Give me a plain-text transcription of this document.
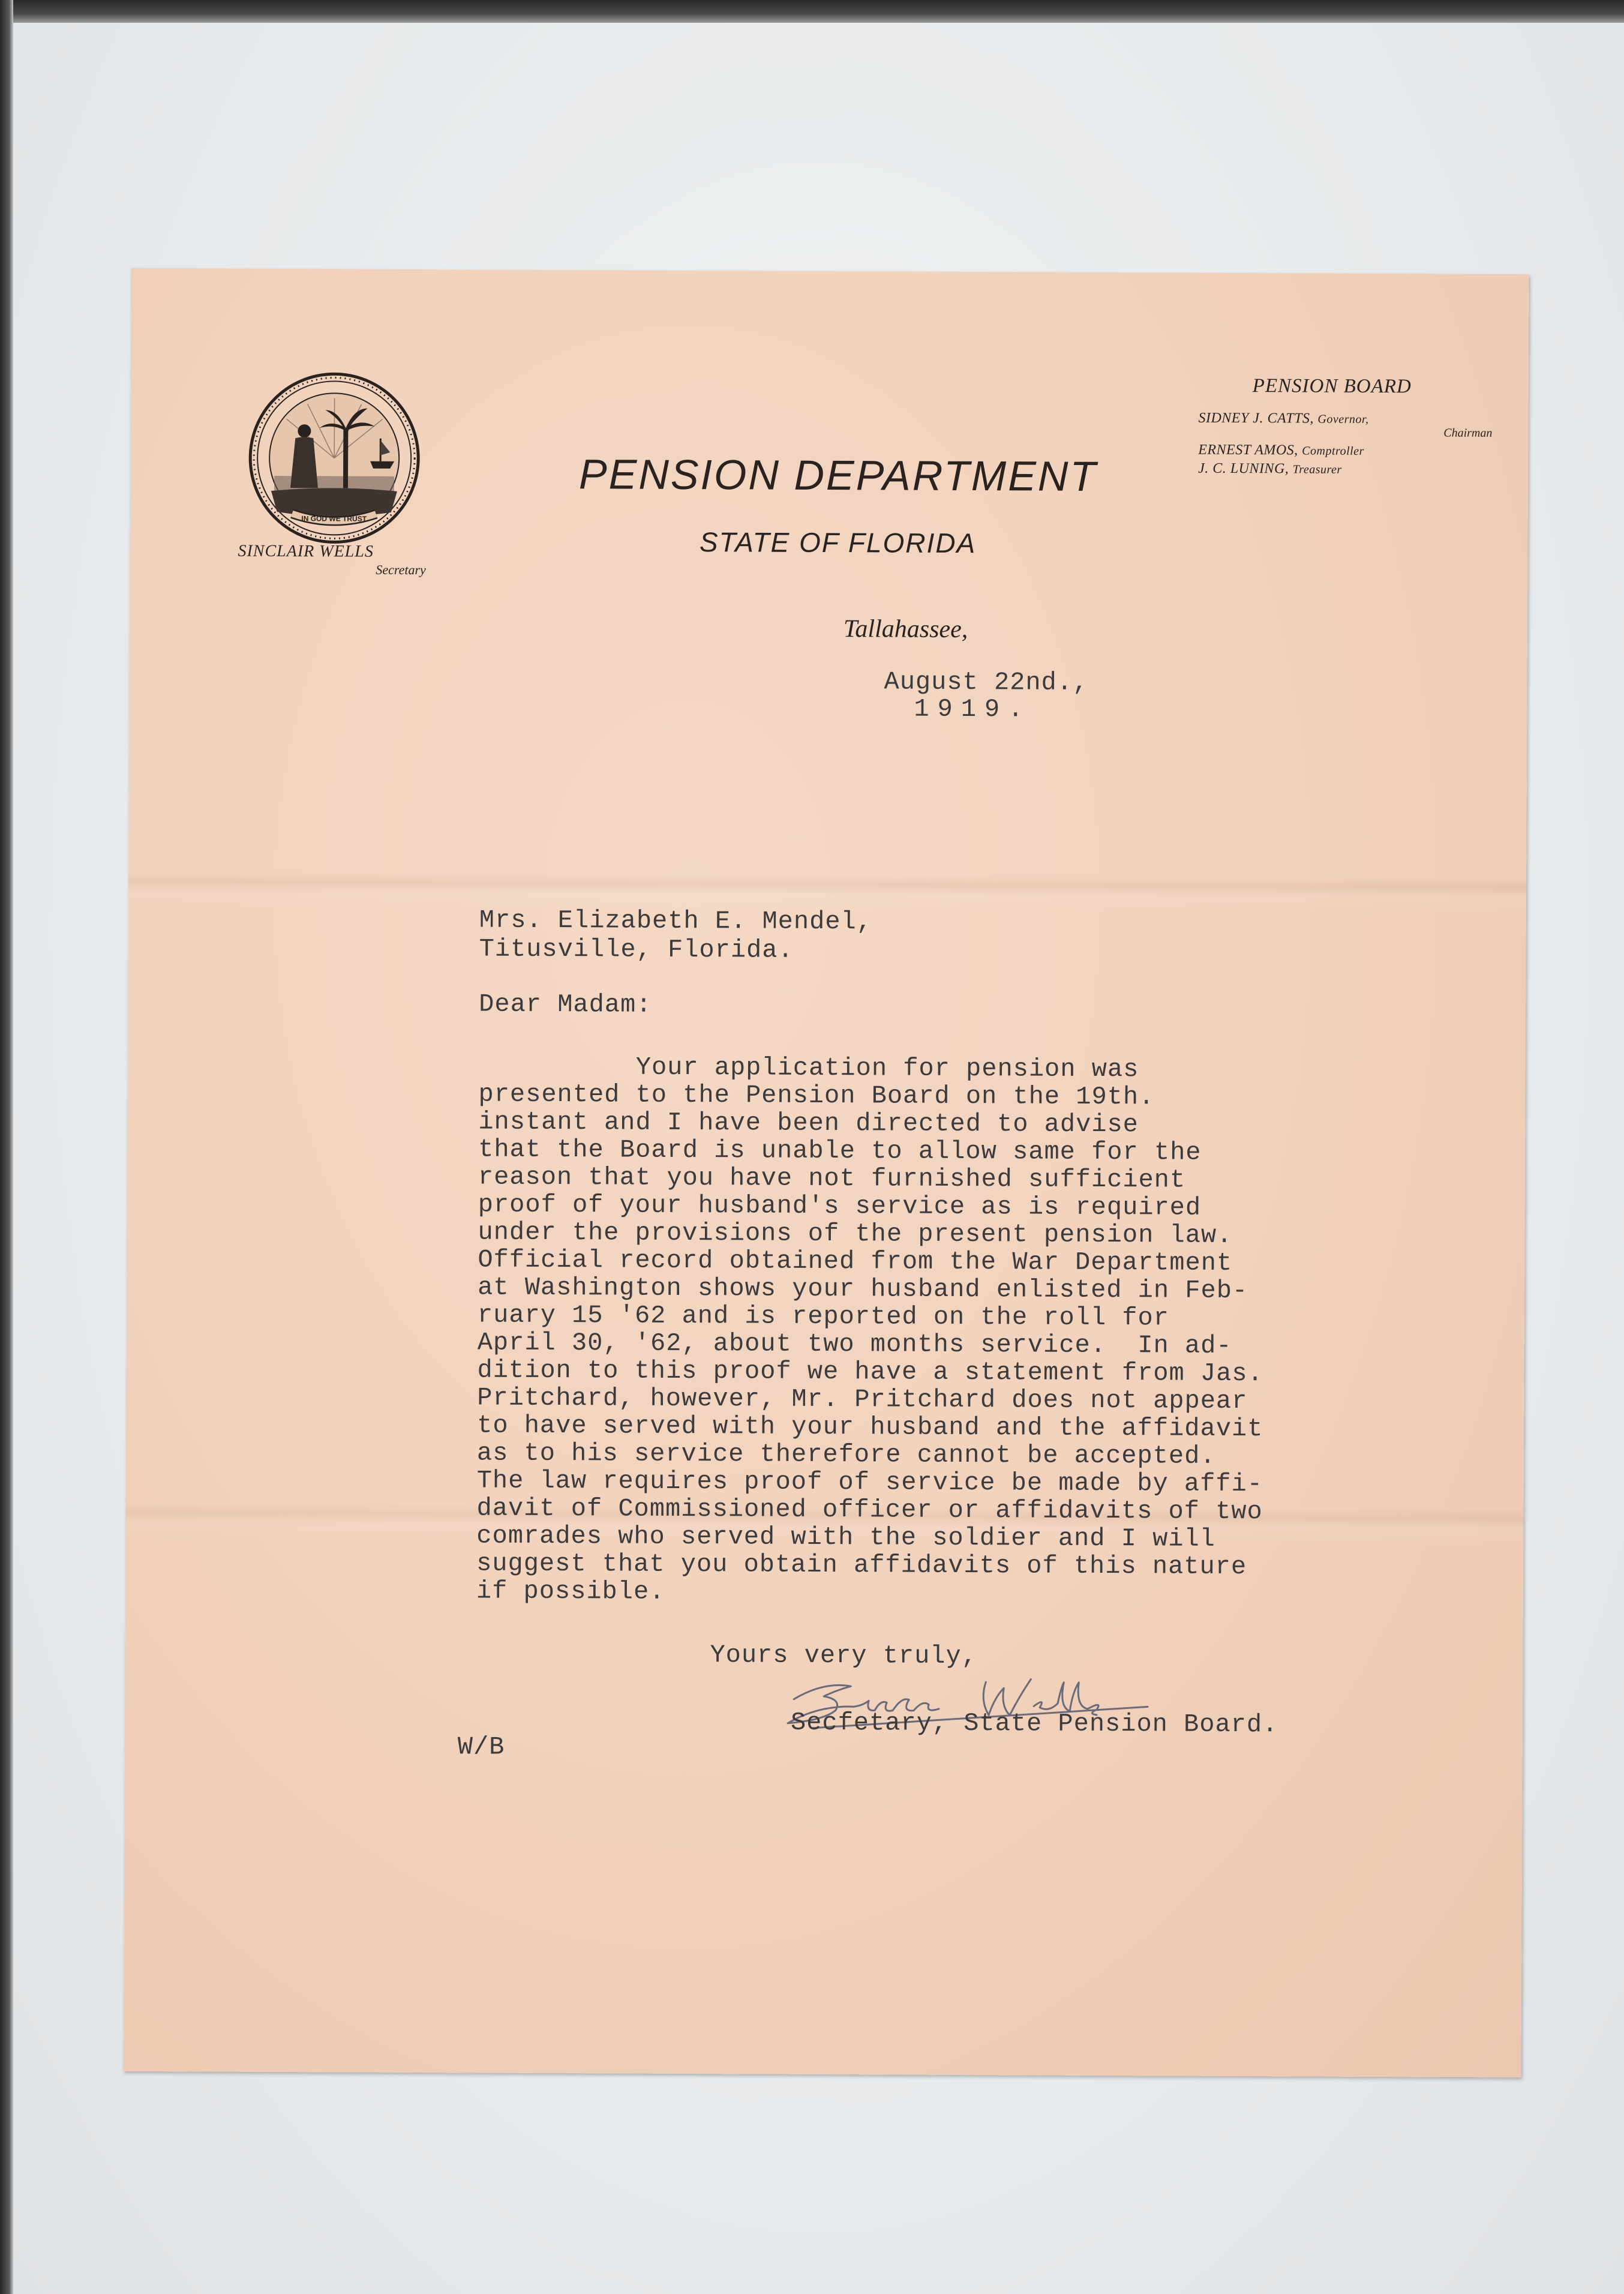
IN GOD WE TRUST
SINCLAIR WELLS
Secretary
PENSION DEPARTMENT
STATE OF FLORIDA
PENSION BOARD
SIDNEY J. CATTS, Governor,
Chairman
ERNEST AMOS, Comptroller
J. C. LUNING, Treasurer
Tallahassee,
August 22nd.,
1919.
Mrs. Elizabeth E. Mendel,
Titusville, Florida.
Dear Madam:
Your application for pension was
presented to the Pension Board on the 19th.
instant and I have been directed to advise
that the Board is unable to allow same for the
reason that you have not furnished sufficient
proof of your husband's service as is required
under the provisions of the present pension law.
Official record obtained from the War Department
at Washington shows your husband enlisted in Feb-
ruary 15 '62 and is reported on the roll for
April 30, '62, about two months service.  In ad-
dition to this proof we have a statement from Jas.
Pritchard, however, Mr. Pritchard does not appear
to have served with your husband and the affidavit
as to his service therefore cannot be accepted.
The law requires proof of service be made by affi-
davit of Commissioned officer or affidavits of two
comrades who served with the soldier and I will
suggest that you obtain affidavits of this nature
if possible.
Yours very truly,
Secfetary, State Pension Board.
W/B
